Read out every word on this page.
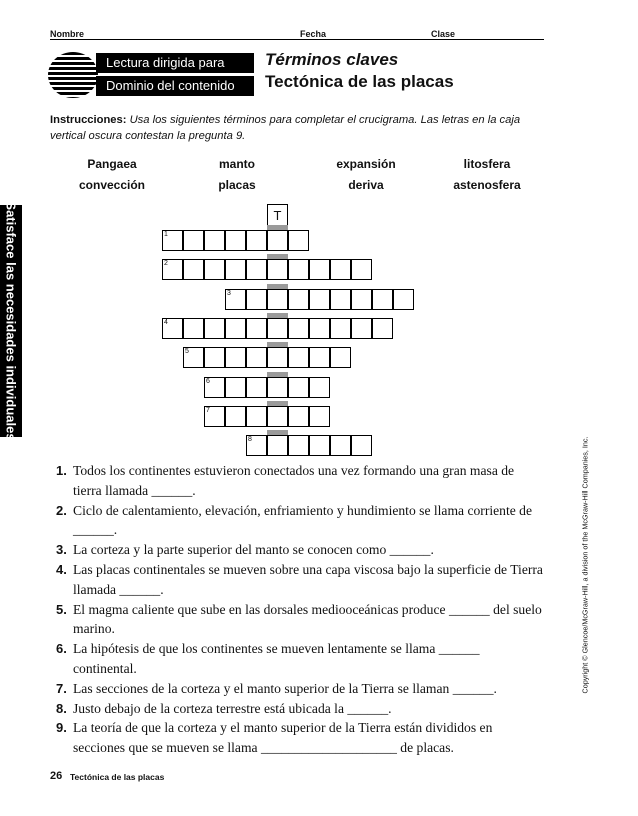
Nombre	Fecha	Clase
Lectura dirigida para
Dominio del contenido
Términos claves
Tectónica de las placas
Instrucciones: Usa los siguientes términos para completar el crucigrama. Las letras en la caja vertical oscura contestan la pregunta 9.
Pangaea	manto	expansión	litosfera
convección	placas	deriva	astenosfera
Satisface las necesidades individuales	T
1
2
3
4
5
6
7
8
1. Todos los continentes estuvieron conectados una vez formando una gran masa de tierra llamada ______.
2. Ciclo de calentamiento, elevación, enfriamiento y hundimiento se llama corriente de ______.
3. La corteza y la parte superior del manto se conocen como ______.
4. Las placas continentales se mueven sobre una capa viscosa bajo la superficie de Tierra llamada ______.
5. El magma caliente que sube en las dorsales mediooceánicas produce ______ del suelo marino.
6. La hipótesis de que los continentes se mueven lentamente se llama ______ continental.
7. Las secciones de la corteza y el manto superior de la Tierra se llaman ______.
8. Justo debajo de la corteza terrestre está ubicada la ______.
9. La teoría de que la corteza y el manto superior de la Tierra están divididos en secciones que se mueven se llama ____________________ de placas.
Copyright © Glencoe/McGraw-Hill, a division of the McGraw-Hill Companies, Inc.
26 Tectónica de las placas
